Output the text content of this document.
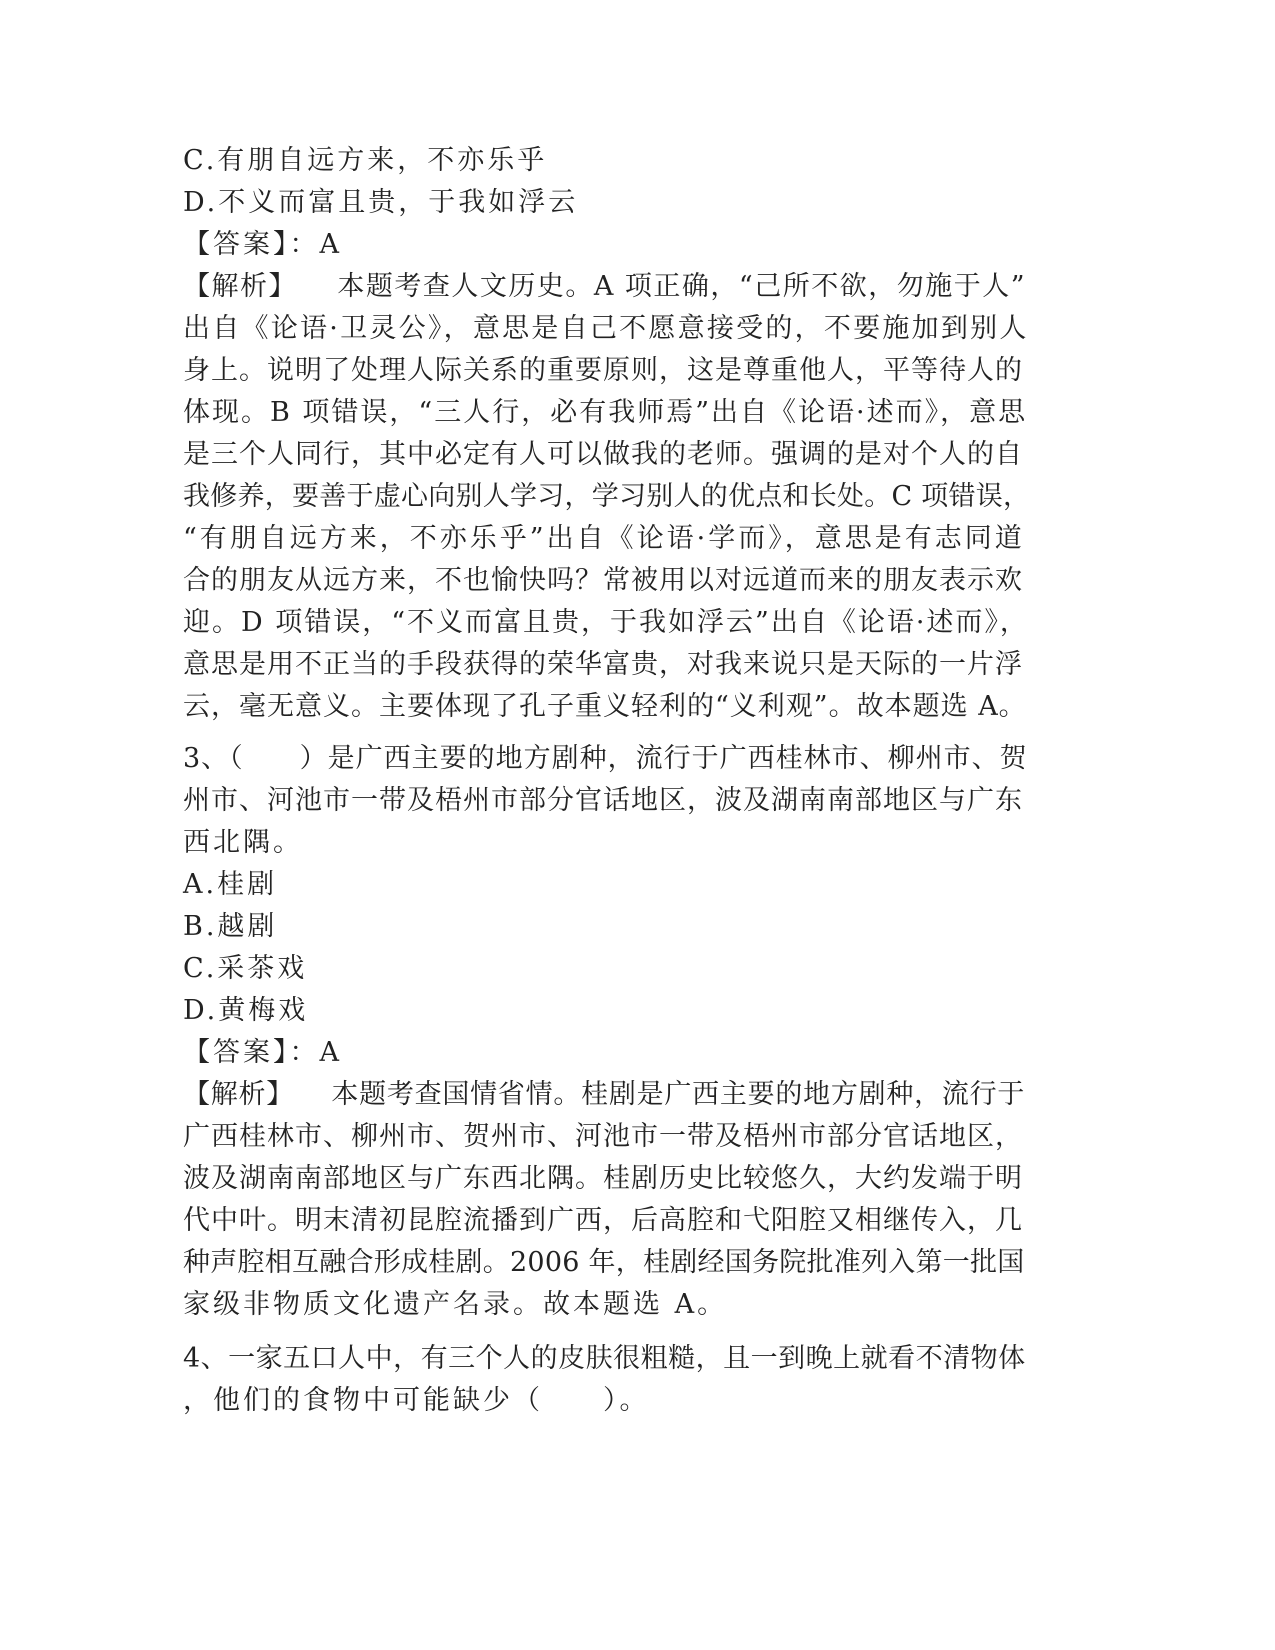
C.有朋自远方来，不亦乐乎
D.不义而富且贵，于我如浮云
【答案】：A
【解析】 本题考查人文历史。A 项正确，“己所不欲，勿施于人”
出自《论语·卫灵公》，意思是自己不愿意接受的，不要施加到别人
身上。说明了处理人际关系的重要原则，这是尊重他人，平等待人的
体现。B 项错误，“三人行，必有我师焉”出自《论语·述而》，意思
是三个人同行，其中必定有人可以做我的老师。强调的是对个人的自
我修养，要善于虚心向别人学习，学习别人的优点和长处。C 项错误，
“有朋自远方来，不亦乐乎”出自《论语·学而》，意思是有志同道
合的朋友从远方来，不也愉快吗？常被用以对远道而来的朋友表示欢
迎。D 项错误，“不义而富且贵，于我如浮云”出自《论语·述而》，
意思是用不正当的手段获得的荣华富贵，对我来说只是天际的一片浮
云，毫无意义。主要体现了孔子重义轻利的“义利观”。故本题选 A。
3、（　　）是广西主要的地方剧种，流行于广西桂林市、柳州市、贺
州市、河池市一带及梧州市部分官话地区，波及湖南南部地区与广东
西北隅。
A.桂剧
B.越剧
C.采茶戏
D.黄梅戏
【答案】：A
【解析】 本题考查国情省情。桂剧是广西主要的地方剧种，流行于
广西桂林市、柳州市、贺州市、河池市一带及梧州市部分官话地区，
波及湖南南部地区与广东西北隅。桂剧历史比较悠久，大约发端于明
代中叶。明末清初昆腔流播到广西，后高腔和弋阳腔又相继传入，几
种声腔相互融合形成桂剧。2006 年，桂剧经国务院批准列入第一批国
家级非物质文化遗产名录。故本题选 A。
4、一家五口人中，有三个人的皮肤很粗糙，且一到晚上就看不清物体
，他们的食物中可能缺少（　　）。
